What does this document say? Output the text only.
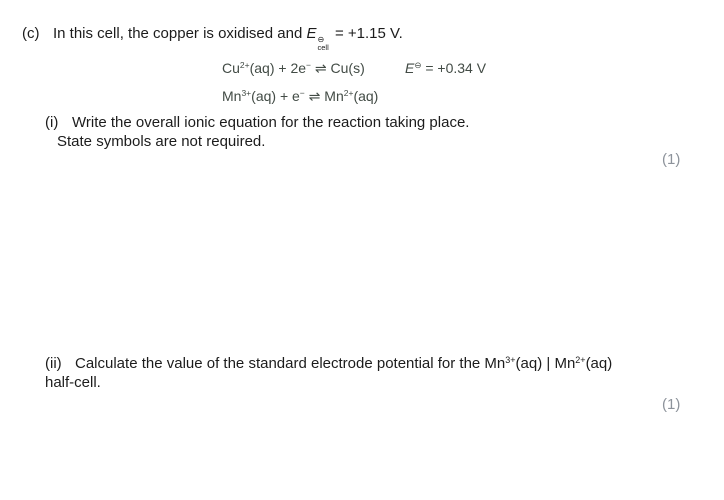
(c) In this cell, the copper is oxidised and E ⊖
cell
= +1.15 V.
$Cu^{2+}(aq) + 2e^-$ ⇌ Cu(s)	E⊖ = +0.34 V
$Mn^{3+}(aq) + e^-$ ⇌ $Mn^{2+}(aq)$
(i) Write the overall ionic equation for the reaction taking place.
State symbols are not required.
(1)
(ii) Calculate the value of the standard electrode potential for the $Mn^{3+}(aq)$ | $Mn^{2+}(aq)$
half-cell.
(1)
